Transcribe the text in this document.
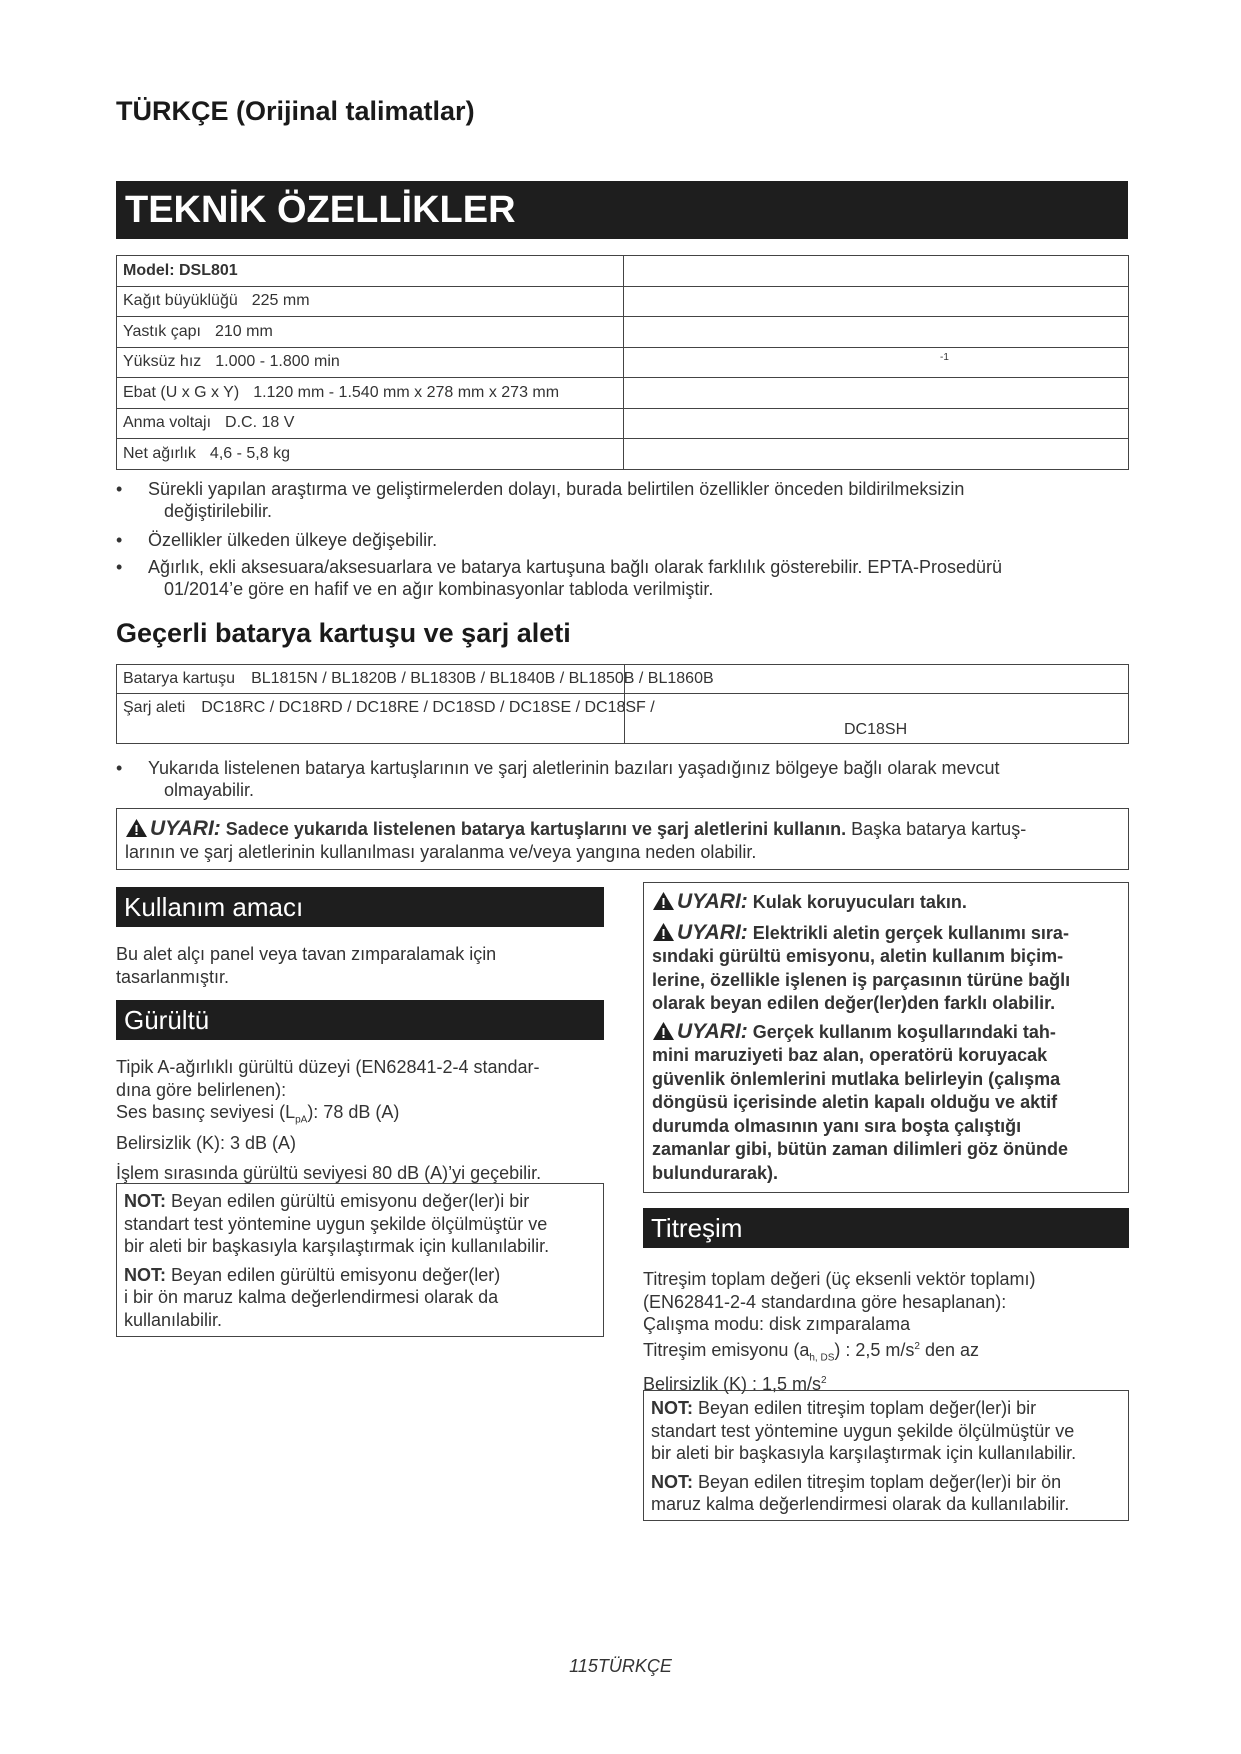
TÜRKÇE (Orijinal talimatlar)
TEKNİK ÖZELLİKLER
Model: DSL801	
Kağıt büyüklüğü 225 mm	
Yastık çapı 210 mm	
Yüksüz hız 1.000 - 1.800 min	$^{-1}$
Ebat (U x G x Y) 1.120 mm - 1.540 mm x 278 mm x 273 mm	
Anma voltajı D.C. 18 V	
Net ağırlık 4,6 - 5,8 kg	
• Sürekli yapılan araştırma ve geliştirmelerden dolayı, burada belirtilen özellikler önceden bildirilmeksizin
değiştirilebilir.
• Özellikler ülkeden ülkeye değişebilir.
• Ağırlık, ekli aksesuara/aksesuarlara ve batarya kartuşuna bağlı olarak farklılık gösterebilir. EPTA-Prosedürü
01/2014’e göre en hafif ve en ağır kombinasyonlar tabloda verilmiştir.
Geçerli batarya kartuşu ve şarj aleti
Batarya kartuşu BL1815N / BL1820B / BL1830B / BL1840B / BL1850B / BL1860B

Şarj aleti DC18RC / DC18RD / DC18RE / DC18SD / DC18SE / DC18SF /
DC18SH
• Yukarıda listelenen batarya kartuşlarının ve şarj aletlerinin bazıları yaşadığınız bölgeye bağlı olarak mevcut
olmayabilir.
UYARI: Sadece yukarıda listelenen batarya kartuşlarını ve şarj aletlerini kullanın. Başka batarya kartuş-
larının ve şarj aletlerinin kullanılması yaralanma ve/veya yangına neden olabilir.
Kullanım amacı
Bu alet alçı panel veya tavan zımparalamak için
tasarlanmıştır.
Gürültü
Tipik A-ağırlıklı gürültü düzeyi (EN62841-2-4 standar-
dına göre belirlenen):
Ses basınç seviyesi $(L_{pA})$: 78 dB (A)
Belirsizlik (K): 3 dB (A)
İşlem sırasında gürültü seviyesi 80 dB (A)’yi geçebilir.

NOT: Beyan edilen gürültü emisyonu değer(ler)i bir
standart test yöntemine uygun şekilde ölçülmüştür ve
bir aleti bir başkasıyla karşılaştırmak için kullanılabilir.

NOT: Beyan edilen gürültü emisyonu değer(ler)
i bir ön maruz kalma değerlendirmesi olarak da
kullanılabilir.

UYARI: Kulak koruyucuları takın.
UYARI: Elektrikli aletin gerçek kullanımı sıra-
sındaki gürültü emisyonu, aletin kullanım biçim-
lerine, özellikle işlenen iş parçasının türüne bağlı
olarak beyan edilen değer(ler)den farklı olabilir.
UYARI: Gerçek kullanım koşullarındaki tah-
mini maruziyeti baz alan, operatörü koruyacak
güvenlik önlemlerini mutlaka belirleyin (çalışma
döngüsü içerisinde aletin kapalı olduğu ve aktif
durumda olmasının yanı sıra boşta çalıştığı
zamanlar gibi, bütün zaman dilimleri göz önünde
bulundurarak).
Titreşim
Titreşim toplam değeri (üç eksenli vektör toplamı)
(EN62841-2-4 standardına göre hesaplanan):
Çalışma modu: disk zımparalama
Titreşim emisyonu $(a_{h, DS})$ : 2,5 $m/s^2$ den az
Belirsizlik (K) : 1,5 $m/s^2$

NOT: Beyan edilen titreşim toplam değer(ler)i bir
standart test yöntemine uygun şekilde ölçülmüştür ve
bir aleti bir başkasıyla karşılaştırmak için kullanılabilir.

NOT: Beyan edilen titreşim toplam değer(ler)i bir ön
maruz kalma değerlendirmesi olarak da kullanılabilir.

115TÜRKÇE
